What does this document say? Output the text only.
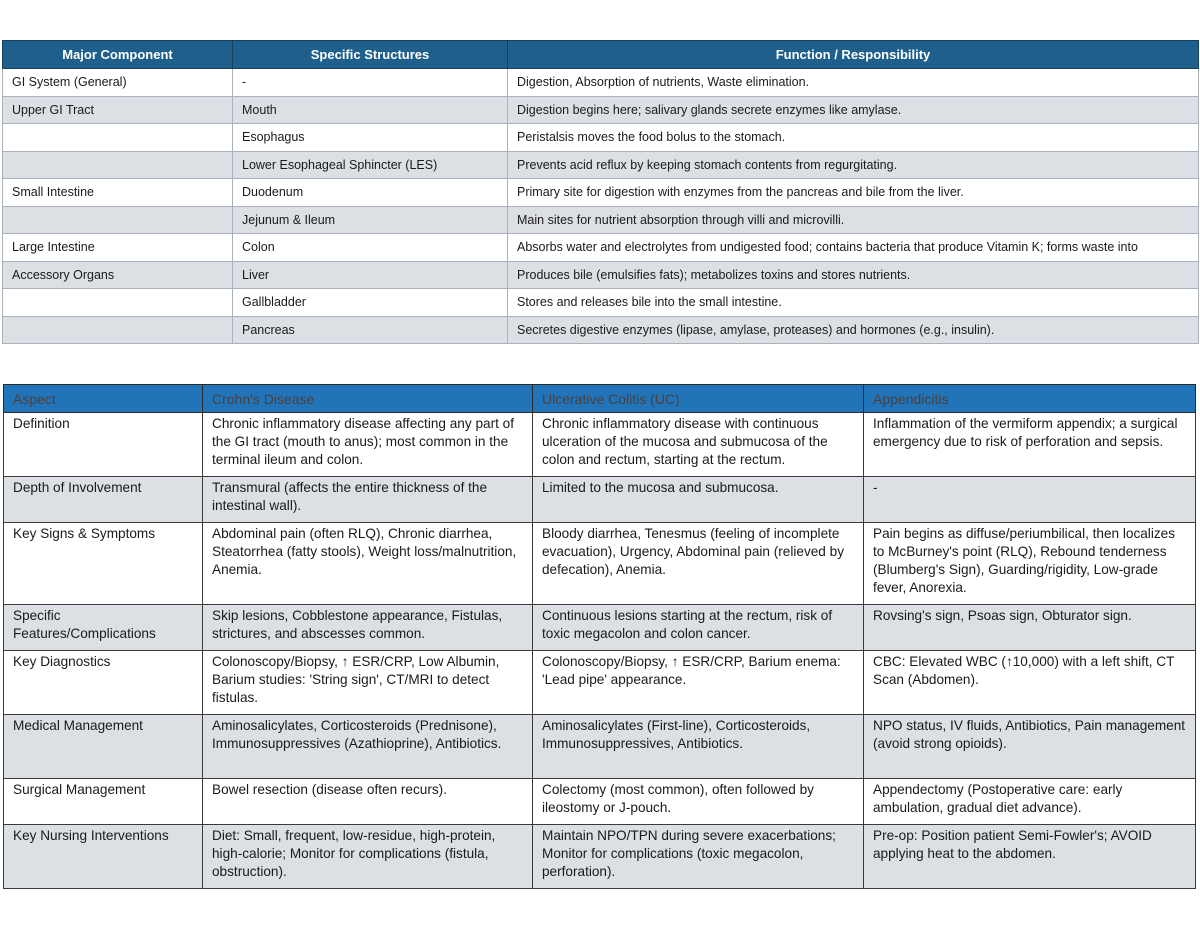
Major Component	Specific Structures	Function / Responsibility
GI System (General)	-	Digestion, Absorption of nutrients, Waste elimination.
Upper GI Tract	Mouth	Digestion begins here; salivary glands secrete enzymes like amylase.
	Esophagus	Peristalsis moves the food bolus to the stomach.
	Lower Esophageal Sphincter (LES)	Prevents acid reflux by keeping stomach contents from regurgitating.
Small Intestine	Duodenum	Primary site for digestion with enzymes from the pancreas and bile from the liver.
	Jejunum & Ileum	Main sites for nutrient absorption through villi and microvilli.
Large Intestine	Colon	Absorbs water and electrolytes from undigested food; contains bacteria that produce Vitamin K; forms waste into
Accessory Organs	Liver	Produces bile (emulsifies fats); metabolizes toxins and stores nutrients.
	Gallbladder	Stores and releases bile into the small intestine.
	Pancreas	Secretes digestive enzymes (lipase, amylase, proteases) and hormones (e.g., insulin).
Aspect	Crohn's Disease	Ulcerative Colitis (UC)	Appendicitis
Definition	Chronic inflammatory disease affecting any part of the GI tract (mouth to anus); most common in the terminal ileum and colon.	Chronic inflammatory disease with continuous ulceration of the mucosa and submucosa of the colon and rectum, starting at the rectum.	Inflammation of the vermiform appendix; a surgical emergency due to risk of perforation and sepsis.
Depth of Involvement	Transmural (affects the entire thickness of the intestinal wall).	Limited to the mucosa and submucosa.	-
Key Signs & Symptoms	Abdominal pain (often RLQ), Chronic diarrhea, Steatorrhea (fatty stools), Weight loss/malnutrition, Anemia.	Bloody diarrhea, Tenesmus (feeling of incomplete evacuation), Urgency, Abdominal pain (relieved by defecation), Anemia.	Pain begins as diffuse/periumbilical, then localizes to McBurney's point (RLQ), Rebound tenderness (Blumberg's Sign), Guarding/rigidity, Low-grade fever, Anorexia.
Specific Features/Complications	Skip lesions, Cobblestone appearance, Fistulas, strictures, and abscesses common.	Continuous lesions starting at the rectum, risk of toxic megacolon and colon cancer.	Rovsing's sign, Psoas sign, Obturator sign.
Key Diagnostics	Colonoscopy/Biopsy, ↑ ESR/CRP, Low Albumin, Barium studies: 'String sign', CT/MRI to detect fistulas.	Colonoscopy/Biopsy, ↑ ESR/CRP, Barium enema: 'Lead pipe' appearance.	CBC: Elevated WBC (↑10,000) with a left shift, CT Scan (Abdomen).
Medical Management	Aminosalicylates, Corticosteroids (Prednisone), Immunosuppressives (Azathioprine), Antibiotics.	Aminosalicylates (First-line), Corticosteroids, Immunosuppressives, Antibiotics.	NPO status, IV fluids, Antibiotics, Pain management (avoid strong opioids).
Surgical Management	Bowel resection (disease often recurs).	Colectomy (most common), often followed by ileostomy or J-pouch.	Appendectomy (Postoperative care: early ambulation, gradual diet advance).
Key Nursing Interventions	Diet: Small, frequent, low-residue, high-protein, high-calorie; Monitor for complications (fistula, obstruction).	Maintain NPO/TPN during severe exacerbations; Monitor for complications (toxic megacolon, perforation).	Pre-op: Position patient Semi-Fowler's; AVOID applying heat to the abdomen.
